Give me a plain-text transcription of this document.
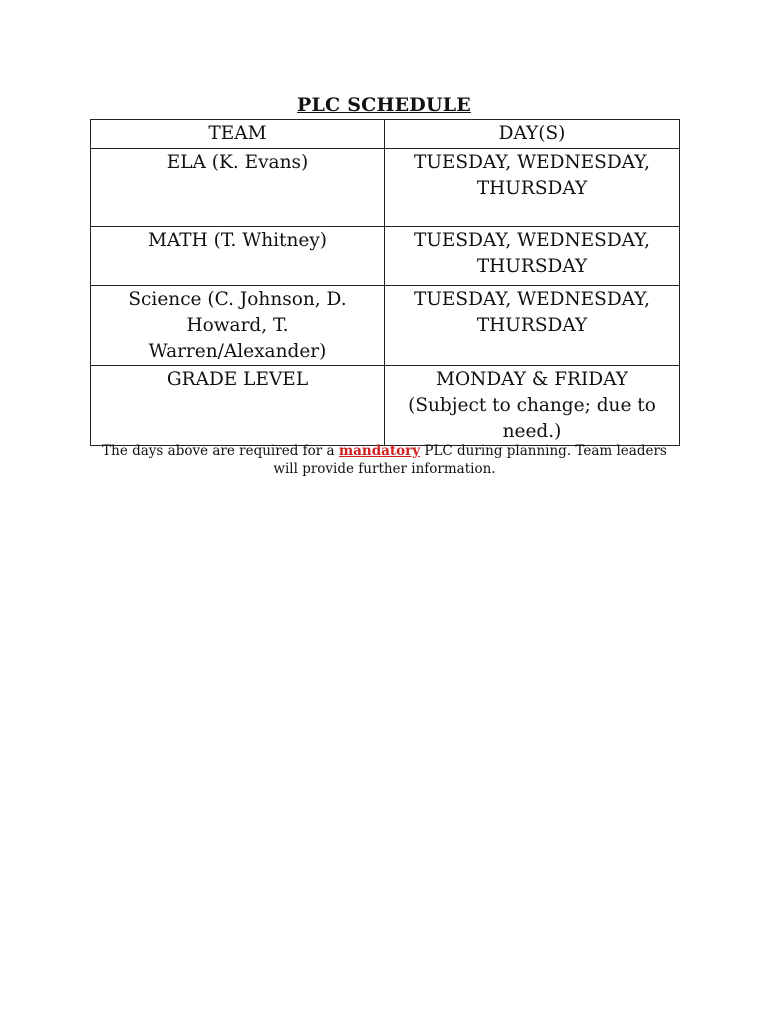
PLC SCHEDULE
TEAM	DAY(S)

ELA (K. Evans)	TUESDAY, WEDNESDAY,
THURSDAY

MATH (T. Whitney)	TUESDAY, WEDNESDAY,
THURSDAY

Science (C. Johnson, D.
Howard, T.
Warren/Alexander)	TUESDAY, WEDNESDAY,
THURSDAY

GRADE LEVEL	MONDAY & FRIDAY
(Subject to change; due to
need.)
The days above are required for a mandatory PLC during planning. Team leaders
will provide further information.
